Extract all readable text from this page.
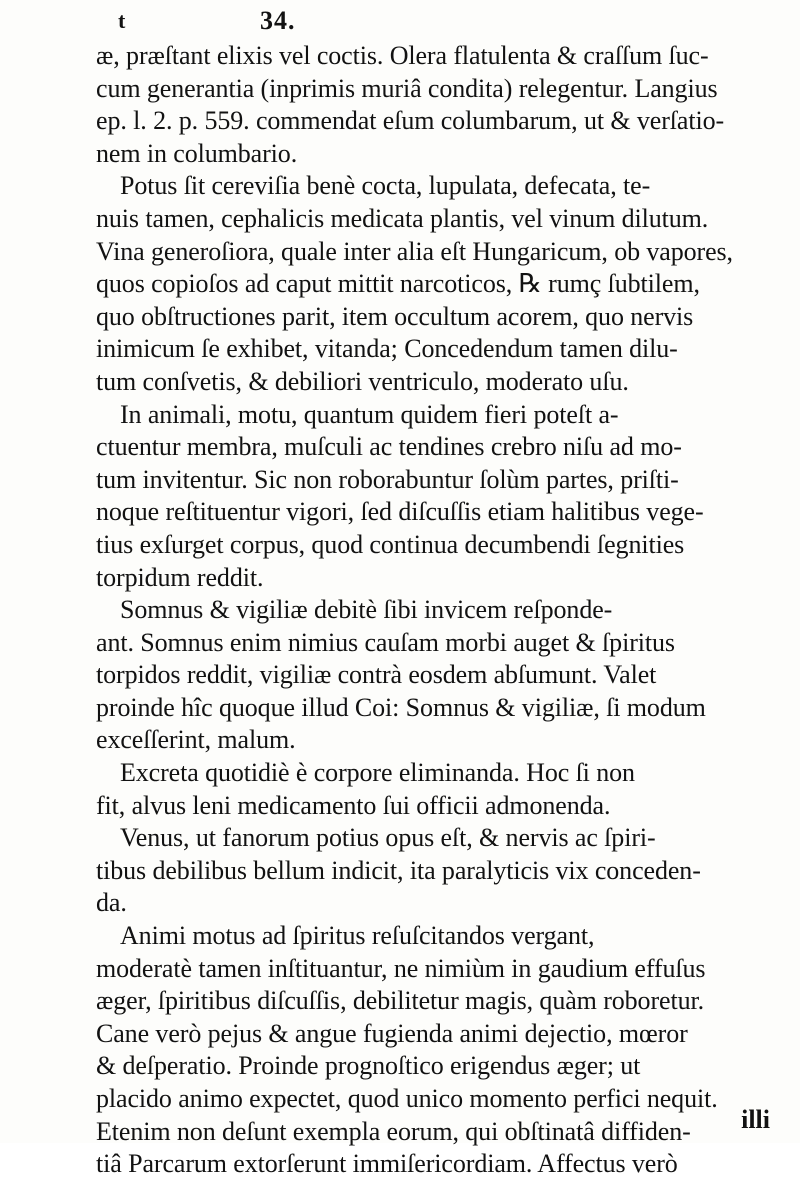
t	34.
æ, præſtant elixis vel coctis. Olera flatulenta & craſſum ſuc-
cum generantia (inprimis muriâ condita) relegentur. Langius
ep. l. 2. p. 559. commendat eſum columbarum, ut & verſatio-
nem in columbario.
Potus ſit cereviſia benè cocta, lupulata, defecata, te-
nuis tamen, cephalicis medicata plantis, vel vinum dilutum.
Vina generoſiora, quale inter alia eſt Hungaricum, ob vapores,
quos copioſos ad caput mittit narcoticos, ℞ rumç ſubtilem,
quo obſtructiones parit, item occultum acorem, quo nervis
inimicum ſe exhibet, vitanda; Concedendum tamen dilu-
tum conſvetis, & debiliori ventriculo, moderato uſu.
In animali, motu, quantum quidem fieri poteſt a-
ctuentur membra, muſculi ac tendines crebro niſu ad mo-
tum invitentur. Sic non roborabuntur ſolùm partes, priſti-
noque reſtituentur vigori, ſed diſcuſſis etiam halitibus vege-
tius exſurget corpus, quod continua decumbendi ſegnities
torpidum reddit.
Somnus & vigiliæ debitè ſibi invicem reſponde-
ant. Somnus enim nimius cauſam morbi auget & ſpiritus
torpidos reddit, vigiliæ contrà eosdem abſumunt. Valet
proinde hîc quoque illud Coi: Somnus & vigiliæ, ſi modum
exceſſerint, malum.
Excreta quotidiè è corpore eliminanda. Hoc ſi non
fit, alvus leni medicamento ſui officii admonenda.
Venus, ut fanorum potius opus eſt, & nervis ac ſpiri-
tibus debilibus bellum indicit, ita paralyticis vix conceden-
da.
Animi motus ad ſpiritus reſuſcitandos vergant,
moderatè tamen inſtituantur, ne nimiùm in gaudium effuſus
æger, ſpiritibus diſcuſſis, debilitetur magis, quàm roboretur.
Cane verò pejus & angue fugienda animi dejectio, mœror
& deſperatio. Proinde prognoſtico erigendus æger; ut
placido animo expectet, quod unico momento perfici nequit.
Etenim non deſunt exempla eorum, qui obſtinatâ diffiden-
tiâ Parcarum extorſerunt immiſericordiam. Affectus verò
illi
